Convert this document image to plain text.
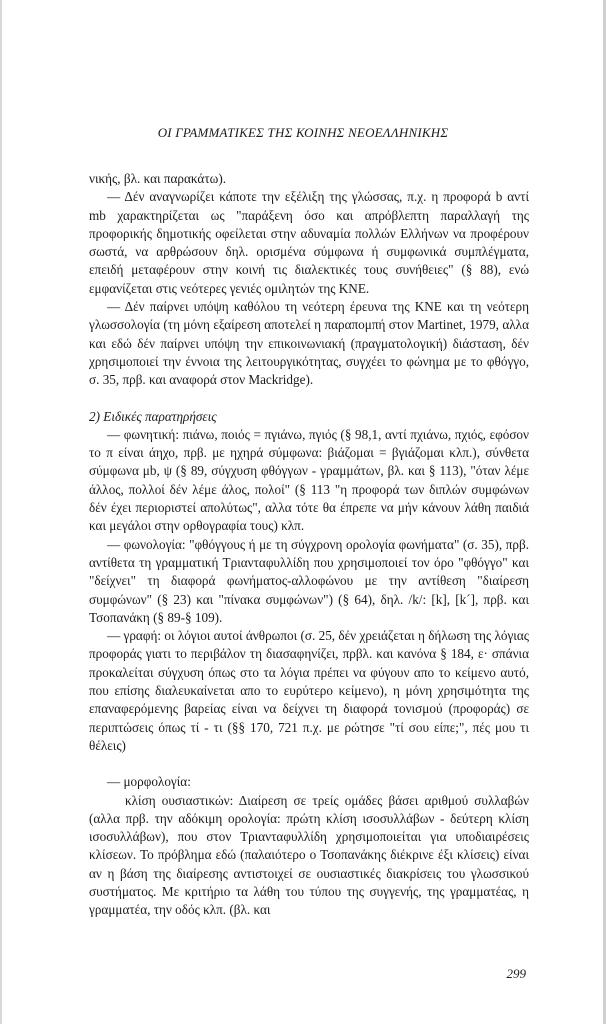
ΟΙ ΓΡΑΜΜΑΤΙΚΕΣ ΤΗΣ ΚΟΙΝΗΣ ΝΕΟΕΛΛΗΝΙΚΗΣ

νικής, βλ. και παρακάτω).

— Δέν αναγνωρίζει κάποτε την εξέλιξη της γλώσσας, π.χ. η προφορά b αντί mb χαρακτηρίζεται ως "παράξενη όσο και απρόβλεπτη παραλλαγή της προφορικής δημοτικής οφείλεται στην αδυναμία πολλών Ελλήνων να προφέρουν σωστά, να αρθρώσουν δηλ. ορισμένα σύμφωνα ή συμφωνικά συμπλέγματα, επειδή μεταφέρουν στην κοινή τις διαλεκτικές τους συνήθειες" (§ 88), ενώ εμφανίζεται στις νεότερες γενιές ομιλητών της ΚΝΕ.

— Δέν παίρνει υπόψη καθόλου τη νεότερη έρευνα της ΚΝΕ και τη νεότερη γλωσσολογία (τη μόνη εξαίρεση αποτελεί η παραπομπή στον Martinet, 1979, αλλα και εδώ δέν παίρνει υπόψη την επικοινωνιακή (πραγματολογική) διάσταση, δέν χρησιμοποιεί την έννοια της λειτουργικότητας, συγχέει το φώνημα με το φθόγγο, σ. 35, πρβ. και αναφορά στον Mackridge).

2) Ειδικές παρατηρήσεις

— φωνητική: πιάνω, ποιός = πγιάνω, πγιός (§ 98,1, αντί πχιάνω, πχιός, εφόσον το π είναι άηχο, πρβ. με ηχηρά σύμφωνα: βιάζομαι = βγιάζομαι κλπ.), σύνθετα σύμφωνα μb, ψ (§ 89, σύγχυση φθόγγων - γραμμάτων, βλ. και § 113), "όταν λέμε άλλος, πολλοί δέν λέμε άλος, πολοί" (§ 113 "η προφορά των διπλών συμφώνων δέν έχει περιοριστεί απολύτως", αλλα τότε θα έπρεπε να μήν κάνουν λάθη παιδιά και μεγάλοι στην ορθογραφία τους) κλπ.

— φωνολογία: "φθόγγους ή με τη σύγχρονη ορολογία φωνήματα" (σ. 35), πρβ. αντίθετα τη γραμματική Τριανταφυλλίδη που χρησιμοποιεί τον όρο "φθόγγο" και "δείχνει" τη διαφορά φωνήματος-αλλοφώνου με την αντίθεση "διαίρεση συμφώνων" (§ 23) και "πίνακα συμφώνων") (§ 64), δηλ. /k/: [k], [k´], πρβ. και Τσοπανάκη (§ 89-§ 109).

— γραφή: οι λόγιοι αυτοί άνθρωποι (σ. 25, δέν χρειάζεται η δήλωση της λόγιας προφοράς γιατι το περιβάλον τη διασαφηνίζει, πρβλ. και κανόνα § 184, ε· σπάνια προκαλείται σύγχυση όπως στο τα λόγια πρέπει να φύγουν απο το κείμενο αυτό, που επίσης διαλευκαίνεται απο το ευρύτερο κείμενο), η μόνη χρησιμότητα της επαναφερόμενης βαρείας είναι να δείχνει τη διαφορά τονισμού (προφοράς) σε περιπτώσεις όπως τί - τι (§§ 170, 721 π.χ. με ρώτησε "τί σου είπε;", πές μου τι θέλεις)

— μορφολογία:

κλίση ουσιαστικών: Διαίρεση σε τρείς ομάδες βάσει αριθμού συλλαβών (αλλα πρβ. την αδόκιμη ορολογία: πρώτη κλίση ισοσυλλάβων - δεύτερη κλίση ισοσυλλάβων), που στον Τριανταφυλλίδη χρησιμοποιείται για υποδιαιρέσεις κλίσεων. Το πρόβλημα εδώ (παλαιότερο ο Τσοπανάκης διέκρινε έξι κλίσεις) είναι αν η βάση της διαίρεσης αντιστοιχεί σε ουσιαστικές διακρίσεις του γλωσσικού συστήματος. Με κριτήριο τα λάθη του τύπου της συγγενής, της γραμματέας, η γραμματέα, την οδός κλπ. (βλ. και

299
